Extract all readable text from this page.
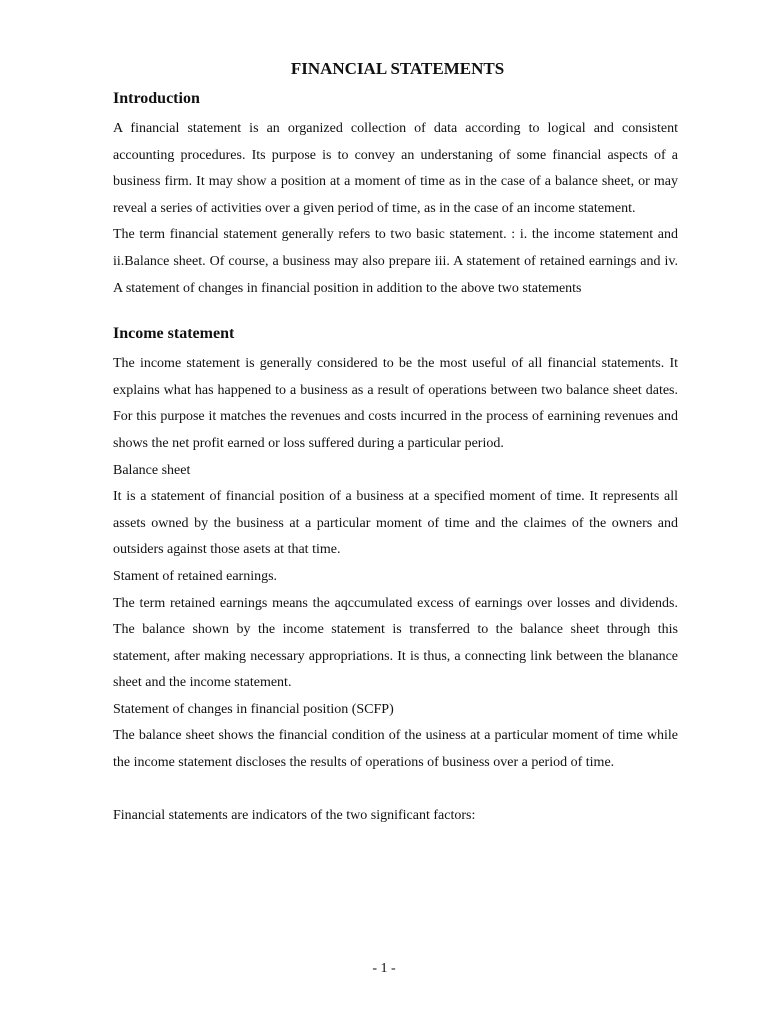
FINANCIAL STATEMENTS
Introduction

A financial statement is an organized collection of data according to logical and consistent accounting procedures. Its purpose is to convey an understaning of some financial aspects of a business firm. It may show a position at a moment of time as in the case of a balance sheet, or may reveal a series of activities over a given period of time, as in the case of an income statement.

The term financial statement generally refers to two basic statement. : i. the income statement and ii.Balance sheet. Of course, a business may also prepare iii. A statement of retained earnings and iv. A statement of changes in financial position in addition to the above two statements

Income statement

The income statement is generally considered to be the most useful of all financial statements. It explains what has happened to a business as a result of operations between two balance sheet dates. For this purpose it matches the revenues and costs incurred in the process of earnining revenues and shows the net profit earned or loss suffered during a particular period.

Balance sheet

It is a statement of financial position of a business at a specified moment of time. It represents all assets owned by the business at a particular moment of time and the claimes of the owners and outsiders against those asets at that time.

Stament of retained earnings.

The term retained earnings means the aqccumulated excess of earnings over losses and dividends. The balance shown by the income statement is transferred to the balance sheet through this statement, after making necessary appropriations. It is thus, a connecting link between the blanance sheet and the income statement.

Statement of changes in financial position (SCFP)

The balance sheet shows the financial condition of the usiness at a particular moment of time while the income statement discloses the results of operations of business over a period of time.

Financial statements are indicators of the two significant factors:

- 1 -
